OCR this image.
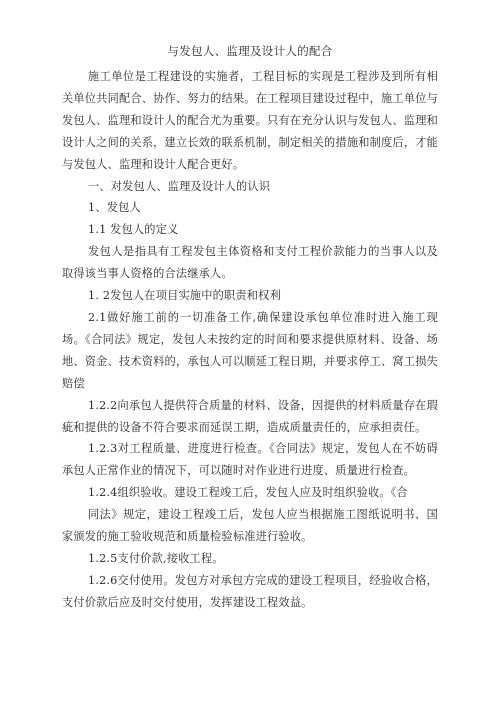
与发包人、监理及设计人的配合

施工单位是工程建设的实施者，工程目标的实现是工程涉及到所有相关单位共同配合、协作、努力的结果。在工程项目建设过程中，施工单位与发包人、监理和设计人的配合尤为重要。只有在充分认识与发包人、监理和设计人之间的关系，建立长效的联系机制，制定相关的措施和制度后，才能与发包人、监理和设计人配合更好。

一、对发包人、监理及设计人的认识

1、发包人

1.1 发包人的定义

发包人是指具有工程发包主体资格和支付工程价款能力的当事人以及取得该当事人资格的合法继承人。

1. 2发包人在项目实施中的职责和权利

2.1做好施工前的一切准备工作,确保建设承包单位准时进入施工现场。《合同法》规定，发包人未按约定的时间和要求提供原材料、设备、场地、资金、技术资料的，承包人可以顺延工程日期，并要求停工、窝工损失赔偿

1.2.2向承包人提供符合质量的材料、设备，因提供的材料质量存在瑕疵和提供的设备不符合要求而延误工期，造成质量责任的，应承担责任。

1.2.3对工程质量、进度进行检查。《合同法》规定，发包人在不妨碍承包人正常作业的情况下，可以随时对作业进行进度、质量进行检查。

1.2.4组织验收。建设工程竣工后，发包人应及时组织验收。《合

同法》规定，建设工程竣工后，发包人应当根据施工图纸说明书、国家颁发的施工验收规范和质量检验标准进行验收。

1.2.5支付价款,接收工程。

1.2.6交付使用。发包方对承包方完成的建设工程项目，经验收合格，支付价款后应及时交付使用，发挥建设工程效益。
